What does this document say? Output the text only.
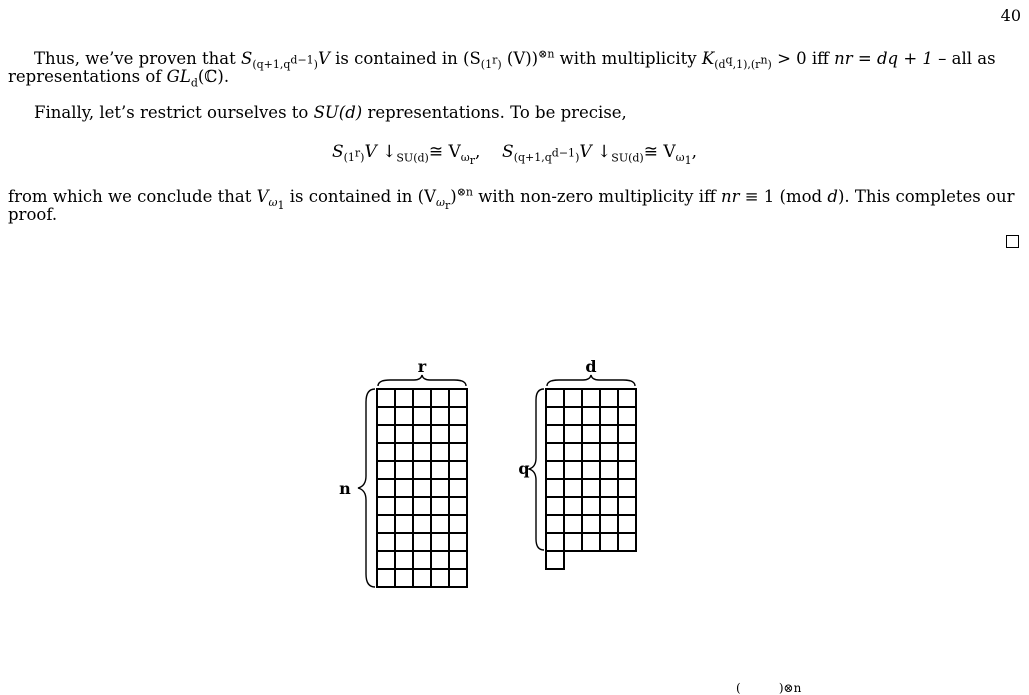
40
Thus, we’ve proven that $S_{(q+1,q^{d-1})}V$ is contained in ($S_{(1^r)}$ (V))$^{\otimes n}$ with multiplicity $K_{(d^q,1),(r^n)} > 0$ iff nr = dq + 1 – all as representations of $GL_d(ℂ)$.
Finally, let’s restrict ourselves to SU(d) representations. To be precise,
$S_{(1^r)}V$ $↓_{SU(d)}≅$ $V_{\omega_r}$,    $S_{(q+1,q^{d-1})}V$ $↓_{SU(d)}≅$ $V_{\omega_1}$,
from which we conclude that $V_{\omega_1}$ is contained in $(V_{\omega_r})^{\otimes n}$ with non-zero multiplicity iff nr ≡ 1 (mod d). This completes our proof.
r
n
d
q
(          )⊗n
